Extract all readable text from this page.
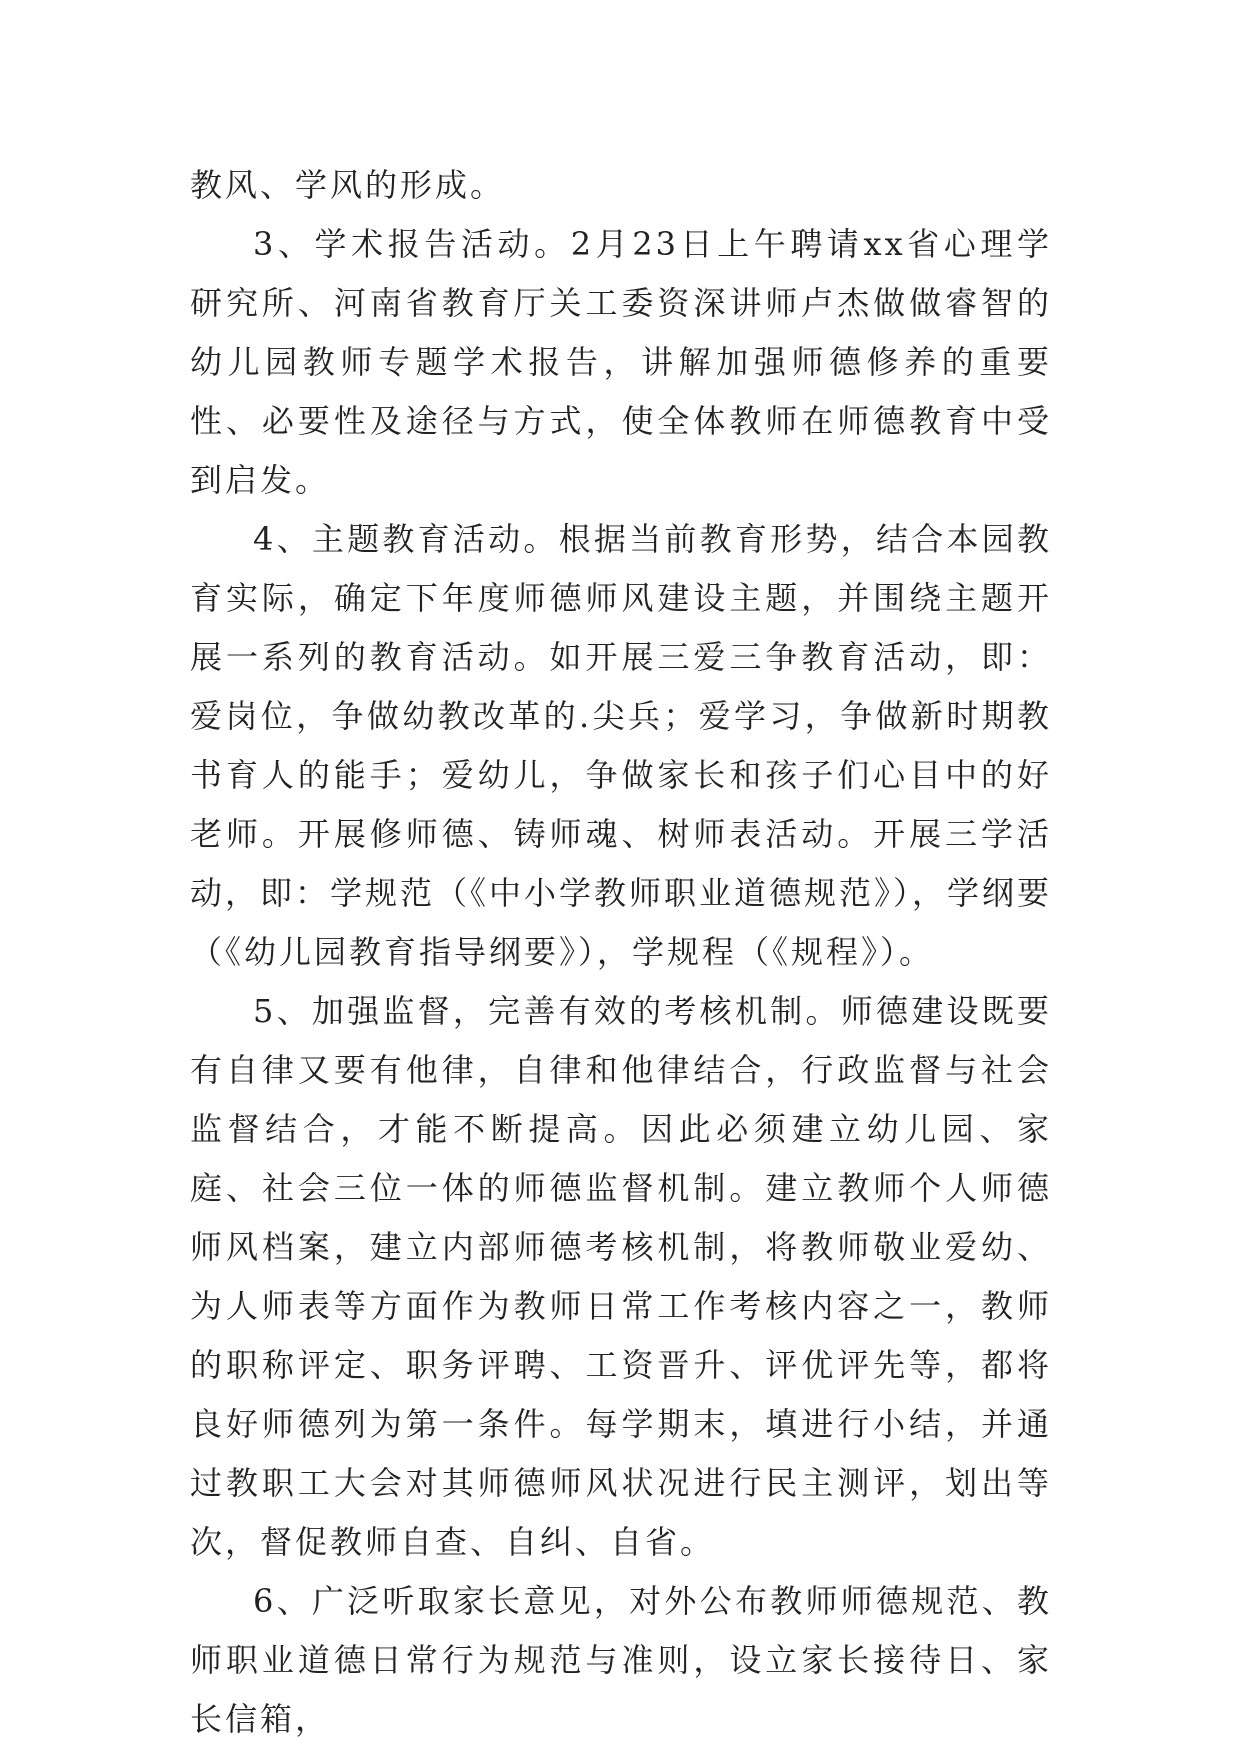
教风、学风的形成。

3、学术报告活动。2月23日上午聘请xx省心理学研究所、河南省教育厅关工委资深讲师卢杰做做睿智的幼儿园教师专题学术报告，讲解加强师德修养的重要性、必要性及途径与方式，使全体教师在师德教育中受到启发。

4、主题教育活动。根据当前教育形势，结合本园教育实际，确定下年度师德师风建设主题，并围绕主题开展一系列的教育活动。如开展三爱三争教育活动，即：爱岗位，争做幼教改革的.尖兵；爱学习，争做新时期教书育人的能手；爱幼儿，争做家长和孩子们心目中的好老师。开展修师德、铸师魂、树师表活动。开展三学活动，即：学规范（《中小学教师职业道德规范》），学纲要（《幼儿园教育指导纲要》），学规程（《规程》）。

5、加强监督，完善有效的考核机制。师德建设既要有自律又要有他律，自律和他律结合，行政监督与社会监督结合，才能不断提高。因此必须建立幼儿园、家庭、社会三位一体的师德监督机制。建立教师个人师德师风档案，建立内部师德考核机制，将教师敬业爱幼、为人师表等方面作为教师日常工作考核内容之一，教师的职称评定、职务评聘、工资晋升、评优评先等，都将良好师德列为第一条件。每学期末，填进行小结，并通过教职工大会对其师德师风状况进行民主测评，划出等次，督促教师自查、自纠、自省。

6、广泛听取家长意见，对外公布教师师德规范、教师职业道德日常行为规范与准则，设立家长接待日、家长信箱，
